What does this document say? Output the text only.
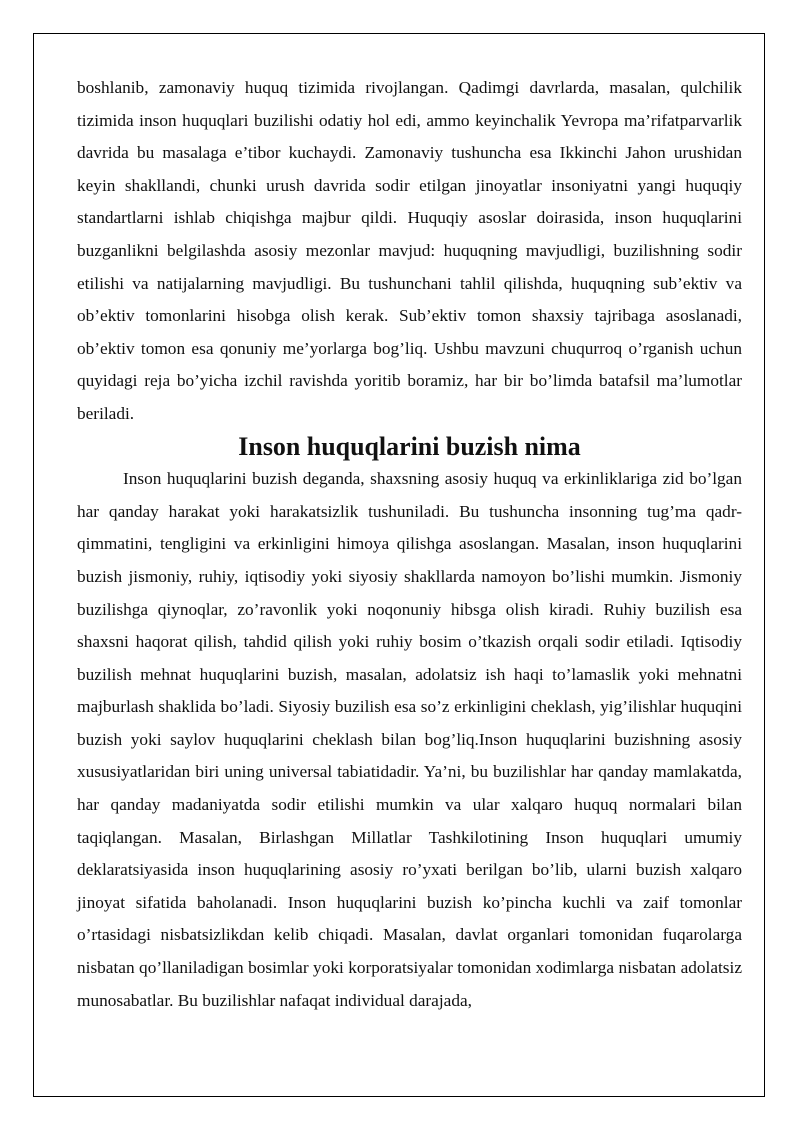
boshlanib, zamonaviy huquq tizimida rivojlangan. Qadimgi davrlarda, masalan, qulchilik tizimida inson huquqlari buzilishi odatiy hol edi, ammo keyinchalik Yevropa ma’rifatparvarlik davrida bu masalaga e’tibor kuchaydi. Zamonaviy tushuncha esa Ikkinchi Jahon urushidan keyin shakllandi, chunki urush davrida sodir etilgan jinoyatlar insoniyatni yangi huquqiy standartlarni ishlab chiqishga majbur qildi. Huquqiy asoslar doirasida, inson huquqlarini buzganlikni belgilashda asosiy mezonlar mavjud: huquqning mavjudligi, buzilishning sodir etilishi va natijalarning mavjudligi. Bu tushunchani tahlil qilishda, huquqning sub’ektiv va ob’ektiv tomonlarini hisobga olish kerak. Sub’ektiv tomon shaxsiy tajribaga asoslanadi, ob’ektiv tomon esa qonuniy me’yorlarga bog’liq. Ushbu mavzuni chuqurroq o’rganish uchun quyidagi reja bo’yicha izchil ravishda yoritib boramiz, har bir bo’limda batafsil ma’lumotlar beriladi.

Inson huquqlarini buzish nima

Inson huquqlarini buzish deganda, shaxsning asosiy huquq va erkinliklariga zid bo’lgan har qanday harakat yoki harakatsizlik tushuniladi. Bu tushuncha insonning tug’ma qadr-qimmatini, tengligini va erkinligini himoya qilishga asoslangan. Masalan, inson huquqlarini buzish jismoniy, ruhiy, iqtisodiy yoki siyosiy shakllarda namoyon bo’lishi mumkin. Jismoniy buzilishga qiynoqlar, zo’ravonlik yoki noqonuniy hibsga olish kiradi. Ruhiy buzilish esa shaxsni haqorat qilish, tahdid qilish yoki ruhiy bosim o’tkazish orqali sodir etiladi. Iqtisodiy buzilish mehnat huquqlarini buzish, masalan, adolatsiz ish haqi to’lamaslik yoki mehnatni majburlash shaklida bo’ladi. Siyosiy buzilish esa so’z erkinligini cheklash, yig’ilishlar huquqini buzish yoki saylov huquqlarini cheklash bilan bog’liq.Inson huquqlarini buzishning asosiy xususiyatlaridan biri uning universal tabiatidadir. Ya’ni, bu buzilishlar har qanday mamlakatda, har qanday madaniyatda sodir etilishi mumkin va ular xalqaro huquq normalari bilan taqiqlangan. Masalan, Birlashgan Millatlar Tashkilotining Inson huquqlari umumiy deklaratsiyasida inson huquqlarining asosiy ro’yxati berilgan bo’lib, ularni buzish xalqaro jinoyat sifatida baholanadi. Inson huquqlarini buzish ko’pincha kuchli va zaif tomonlar o’rtasidagi nisbatsizlikdan kelib chiqadi. Masalan, davlat organlari tomonidan fuqarolarga nisbatan qo’llaniladigan bosimlar yoki korporatsiyalar tomonidan xodimlarga nisbatan adolatsiz munosabatlar. Bu buzilishlar nafaqat individual darajada,
